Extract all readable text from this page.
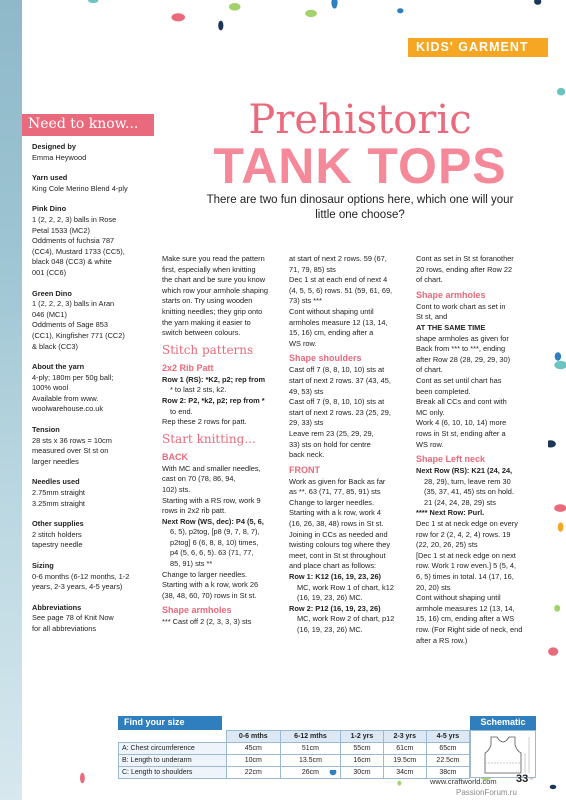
KIDS' GARMENT
Prehistoric
TANK TOPS
There are two fun dinosaur options here, which one will your little one choose?
Need to know...
Designed by
Emma Heywood
Yarn used
King Cole Merino Blend 4-ply
Pink Dino
1 (2, 2, 2, 3) balls in Rose
Petal 1533 (MC2)
Oddments of fuchsia 787
(CC4), Mustard 1733 (CC5),
black 048 (CC3) & white
001 (CC6)
Green Dino
1 (2, 2, 2, 3) balls in Aran
046 (MC1)
Oddments of Sage 853
(CC1), Kingfisher 771 (CC2)
& black (CC3)
About the yarn
4-ply; 180m per 50g ball;
100% wool
Available from www.
woolwarehouse.co.uk
Tension
28 sts x 36 rows = 10cm
measured over St st on
larger needles
Needles used
2.75mm straight
3.25mm straight
Other supplies
2 stitch holders
tapestry needle
Sizing
0-6 months (6-12 months, 1-2
years, 2-3 years, 4-5 years)
Abbreviations
See page 78 of Knit Now
for all abbreviations

Make sure you read the pattern
first, especially when knitting
the chart and be sure you know
which row your armhole shaping
starts on. Try using wooden
knitting needles; they grip onto
the yarn making it easier to
switch between colours.

Stitch patterns
2x2 Rib Patt
Row 1 (RS): *K2, p2; rep from
* to last 2 sts, k2.
Row 2: P2, *k2, p2; rep from *
to end.
Rep these 2 rows for patt.
Start knitting...
BACK
With MC and smaller needles,
cast on 70 (78, 86, 94,
102) sts.
Starting with a RS row, work 9
rows in 2x2 rib patt.
Next Row (WS, dec): P4 (5, 6,
6, 5), p2tog, [p8 (9, 7, 8, 7),
p2tog] 6 (6, 8, 8, 10) times,
p4 (5, 6, 6, 5). 63 (71, 77,
85, 91) sts **
Change to larger needles.
Starting with a k row, work 26
(38, 48, 60, 70) rows in St st.
Shape armholes
*** Cast off 2 (2, 3, 3, 3) sts

at start of next 2 rows. 59 (67,
71, 79, 85) sts
Dec 1 st at each end of next 4
(4, 5, 5, 6) rows. 51 (59, 61, 69,
73) sts ***
Cont without shaping until
armholes measure 12 (13, 14,
15, 16) cm, ending after a
WS row.

Shape shoulders

Cast off 7 (8, 8, 10, 10) sts at
start of next 2 rows. 37 (43, 45,
49, 53) sts
Cast off 7 (9, 8, 10, 10) sts at
start of next 2 rows. 23 (25, 29,
29, 33) sts
Leave rem 23 (25, 29, 29,
33) sts on hold for centre
back neck.

FRONT
Work as given for Back as far
as **. 63 (71, 77, 85, 91) sts
Change to larger needles.
Starting with a k row, work 4
(16, 26, 38, 48) rows in St st.
Joining in CCs as needed and
twisting colours tog where they
meet, cont in St st throughout
and place chart as follows:
Row 1: K12 (16, 19, 23, 26)
MC, work Row 1 of chart, k12
(16, 19, 23, 26) MC.
Row 2: P12 (16, 19, 23, 26)
MC, work Row 2 of chart, p12
(16, 19, 23, 26) MC.

Cont as set in St st foranother
20 rows, ending after Row 22
of chart.

Shape armholes
Cont to work chart as set in
St st, and
AT THE SAME TIME

shape armholes as given for
Back from *** to ***, ending
after Row 28 (28, 29, 29, 30)
of chart.
Cont as set until chart has
been completed.
Break all CCs and cont with
MC only.
Work 4 (6, 10, 10, 14) more
rows in St st, ending after a
WS row.

Shape Left neck
Next Row (RS): K21 (24, 24,
28, 29), turn, leave rem 30
(35, 37, 41, 45) sts on hold.
21 (24, 24, 28, 29) sts
**** Next Row: Purl.
Dec 1 st at neck edge on every
row for 2 (2, 4, 2, 4) rows. 19
(22, 20, 26, 25) sts
[Dec 1 st at neck edge on next
row. Work 1 row even.] 5 (5, 4,
6, 5) times in total. 14 (17, 16,
20, 20) sts
Cont without shaping until
armhole measures 12 (13, 14,
15, 16) cm, ending after a WS
row. (For Right side of neck, end
after a RS row.)
Find your size
	0-6 mths	6-12 mths	1-2 yrs	2-3 yrs	4-5 yrs
A: Chest circumference	45cm	51cm	55cm	61cm	65cm
B: Length to underarm	10cm	13.5cm	16cm	19.5cm	22.5cm
C: Length to shoulders	22cm	26cm	30cm	34cm	38cm
Schematic
www.craftworld.com 33
PassionForum.ru
